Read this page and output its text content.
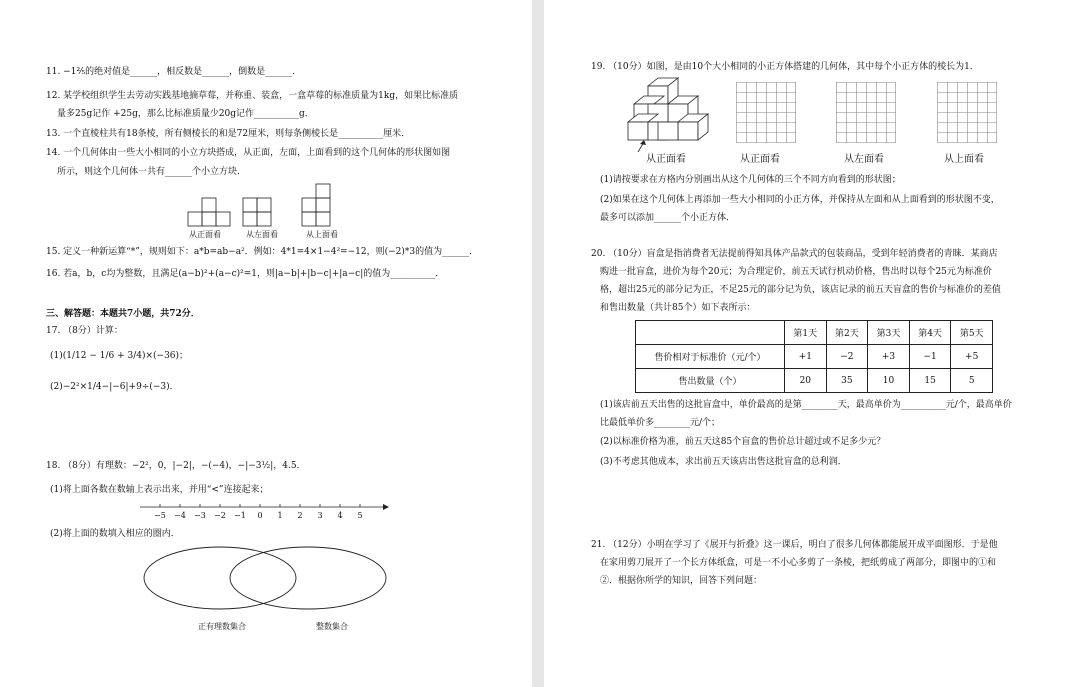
11. −1⅖的绝对值是______，相反数是______，倒数是______．
12. 某学校组织学生去劳动实践基地摘草莓，并称重、装盒，一盒草莓的标准质量为1kg，如果比标准质
量多25g记作 +25g，那么比标准质量少20g记作__________g．
13. 一个直棱柱共有18条棱，所有侧棱长的和是72厘米，则每条侧棱长是__________厘米．
14. 一个几何体由一些大小相同的小立方块搭成，从正面，左面，上面看到的这个几何体的形状图如图
所示，则这个几何体一共有______个小立方块．
从正面看	从左面看	从上面看
15. 定义一种新运算“*”，规则如下：a*b=ab−a²．例如：4*1=4×1−4²=−12，则(−2)*3的值为______．
16. 若a，b，c均为整数，且满足(a−b)²+(a−c)²=1，则|a−b|+|b−c|+|a−c|的值为__________．
三、解答题：本题共7小题，共72分．
17. （8分）计算：
(1)(1/12 − 1/6 + 3/4)×(−36)；
(2)−2²×1/4−|−6|+9÷(−3)．
18. （8分）有理数：−2²，0，|−2|，−(−4)，−|−3½|，4.5．
(1)将上面各数在数轴上表示出来，并用“<”连接起来；
−5 −4 −3 −2 −1 0 1 2 3 4 5
(2)将上面的数填入相应的圈内．
正有理数集合	整数集合
19. （10分）如图，是由10个大小相同的小正方体搭建的几何体，其中每个小正方体的棱长为1．
从正面看	从正面看	从左面看	从上面看
(1)请按要求在方格内分别画出从这个几何体的三个不同方向看到的形状图；
(2)如果在这个几何体上再添加一些大小相同的小正方体，并保持从左面和从上面看到的形状图不变，
最多可以添加______个小正方体．
20. （10分）盲盒是指消费者无法提前得知具体产品款式的包装商品，受到年轻消费者的青睐．某商店
购进一批盲盒，进价为每个20元；为合理定价，前五天试行机动价格，售出时以每个25元为标准价
格，超出25元的部分记为正，不足25元的部分记为负，该店记录的前五天盲盒的售价与标准价的差值
和售出数量（共计85个）如下表所示：
	第1天	第2天	第3天	第4天	第5天
售价相对于标准价（元/个）	+1	−2	+3	−1	+5
售出数量（个）	20	35	10	15	5
(1)该店前五天出售的这批盲盒中，单价最高的是第________天，最高单价为__________元/个，最高单价
比最低单价多________元/个；
(2)以标准价格为准，前五天这85个盲盒的售价总计超过或不足多少元？
(3)不考虑其他成本，求出前五天该店出售这批盲盒的总利润．
21. （12分）小明在学习了《展开与折叠》这一课后，明白了很多几何体都能展开成平面图形．于是他
在家用剪刀展开了一个长方体纸盒，可是一不小心多剪了一条棱，把纸剪成了两部分，即图中的①和
②．根据你所学的知识，回答下列问题：
